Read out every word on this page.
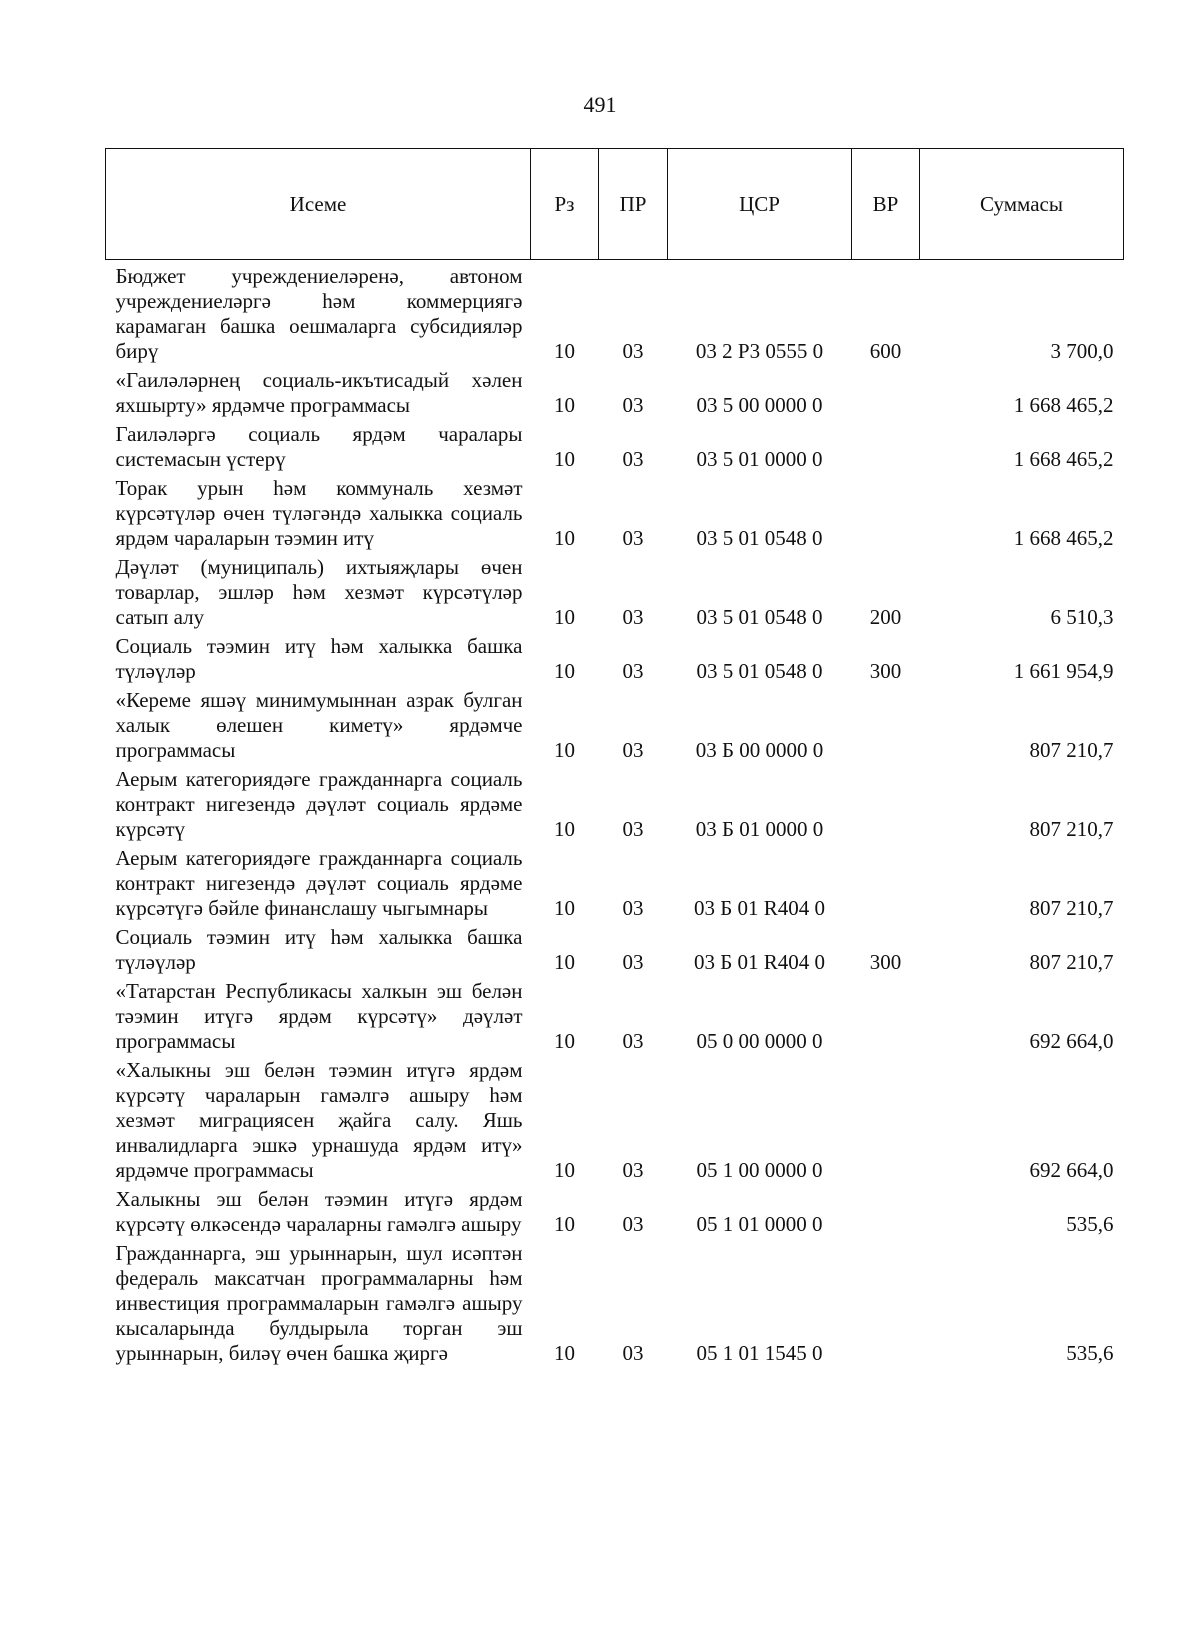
491
Исеме	Рз	ПР	ЦСР	ВР	Суммасы
Бюджет учреждениеләренә, автоном учреждениеләргә һәм коммерциягә карамаган башка оешмаларга субсидияләр бирү	10	03	03 2 Р3 0555 0	600	3 700,0
«Гаиләләрнең социаль-икътисадый хәлен яхшырту» ярдәмче программасы	10	03	03 5 00 0000 0		1 668 465,2
Гаиләләргә социаль ярдәм чаралары системасын үстерү	10	03	03 5 01 0000 0		1 668 465,2
Торак урын һәм коммуналь хезмәт күрсәтүләр өчен түләгәндә халыкка социаль ярдәм чараларын тәэмин итү	10	03	03 5 01 0548 0		1 668 465,2
Дәүләт (муниципаль) ихтыяҗлары өчен товарлар, эшләр һәм хезмәт күрсәтүләр сатып алу	10	03	03 5 01 0548 0	200	6 510,3
Социаль тәэмин итү һәм халыкка башка түләүләр	10	03	03 5 01 0548 0	300	1 661 954,9
«Кереме яшәү минимумыннан азрак булган халык өлешен киметү» ярдәмче программасы	10	03	03 Б 00 0000 0		807 210,7
Аерым категориядәге гражданнарга социаль контракт нигезендә дәүләт социаль ярдәме күрсәтү	10	03	03 Б 01 0000 0		807 210,7
Аерым категориядәге гражданнарга социаль контракт нигезендә дәүләт социаль ярдәме күрсәтүгә бәйле финанслашу чыгымнары	10	03	03 Б 01 R404 0		807 210,7
Социаль тәэмин итү һәм халыкка башка түләүләр	10	03	03 Б 01 R404 0	300	807 210,7
«Татарстан Республикасы халкын эш белән тәэмин итүгә ярдәм күрсәтү» дәүләт программасы	10	03	05 0 00 0000 0		692 664,0
«Халыкны эш белән тәэмин итүгә ярдәм күрсәтү чараларын гамәлгә ашыру һәм хезмәт миграциясен җайга салу. Яшь инвалидларга эшкә урнашуда ярдәм итү» ярдәмче программасы	10	03	05 1 00 0000 0		692 664,0
Халыкны эш белән тәэмин итүгә ярдәм күрсәтү өлкәсендә чараларны гамәлгә ашыру	10	03	05 1 01 0000 0		535,6
Гражданнарга, эш урыннарын, шул исәптән федераль максатчан программаларны һәм инвестиция программаларын гамәлгә ашыру кысаларында булдырыла торган эш урыннарын, биләү өчен башка җиргә	10	03	05 1 01 1545 0		535,6
